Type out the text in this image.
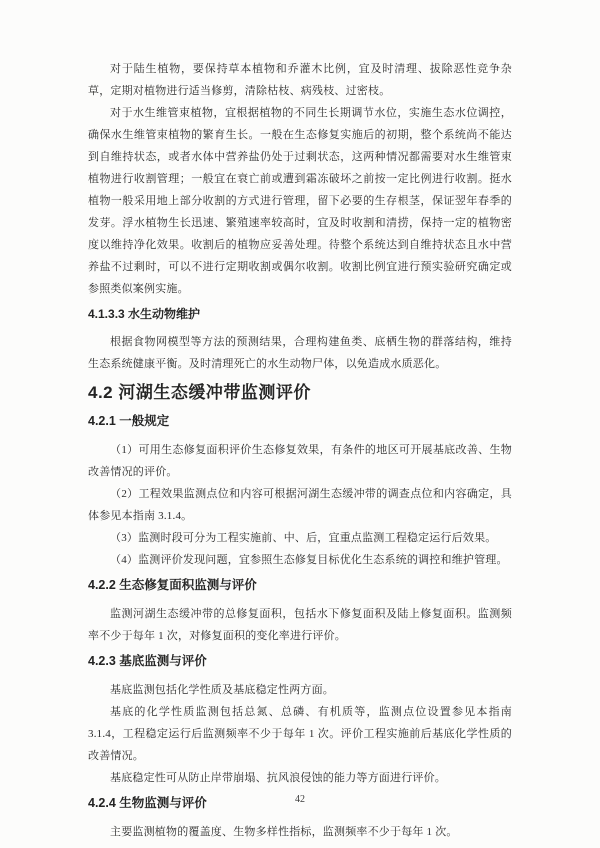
对于陆生植物，要保持草本植物和乔灌木比例，宜及时清理、拔除恶性竞争杂草，定期对植物进行适当修剪，清除枯枝、病残枝、过密枝。

对于水生维管束植物，宜根据植物的不同生长期调节水位，实施生态水位调控，确保水生维管束植物的繁育生长。一般在生态修复实施后的初期，整个系统尚不能达到自维持状态，或者水体中营养盐仍处于过剩状态，这两种情况都需要对水生维管束植物进行收割管理；一般宜在衰亡前或遭到霜冻破坏之前按一定比例进行收割。挺水植物一般采用地上部分收割的方式进行管理，留下必要的生存根茎，保证翌年春季的发芽。浮水植物生长迅速、繁殖速率较高时，宜及时收割和清捞，保持一定的植物密度以维持净化效果。收割后的植物应妥善处理。待整个系统达到自维持状态且水中营养盐不过剩时，可以不进行定期收割或偶尔收割。收割比例宜进行预实验研究确定或参照类似案例实施。

4.1.3.3 水生动物维护

根据食物网模型等方法的预测结果，合理构建鱼类、底栖生物的群落结构，维持生态系统健康平衡。及时清理死亡的水生动物尸体，以免造成水质恶化。

4.2 河湖生态缓冲带监测评价
4.2.1 一般规定

（1）可用生态修复面积评价生态修复效果，有条件的地区可开展基底改善、生物改善情况的评价。

（2）工程效果监测点位和内容可根据河湖生态缓冲带的调查点位和内容确定，具体参见本指南 3.1.4。

（3）监测时段可分为工程实施前、中、后，宜重点监测工程稳定运行后效果。

（4）监测评价发现问题，宜参照生态修复目标优化生态系统的调控和维护管理。

4.2.2 生态修复面积监测与评价

监测河湖生态缓冲带的总修复面积，包括水下修复面积及陆上修复面积。监测频率不少于每年 1 次，对修复面积的变化率进行评价。

4.2.3 基底监测与评价

基底监测包括化学性质及基底稳定性两方面。

基底的化学性质监测包括总氮、总磷、有机质等，监测点位设置参见本指南 3.1.4，工程稳定运行后监测频率不少于每年 1 次。评价工程实施前后基底化学性质的改善情况。

基底稳定性可从防止岸带崩塌、抗风浪侵蚀的能力等方面进行评价。

4.2.4 生物监测与评价

主要监测植物的覆盖度、生物多样性指标，监测频率不少于每年 1 次。

42
